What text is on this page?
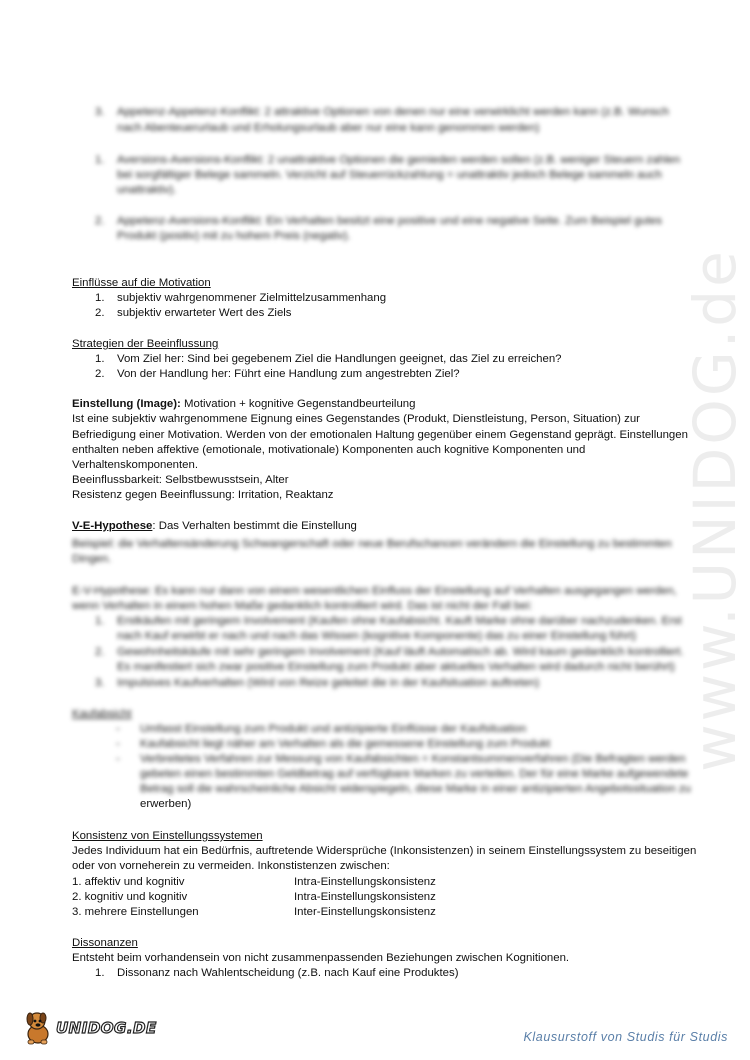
www.UNIDOG.de
3. Appetenz-Appetenz-Konflikt: 2 attraktive Optionen von denen nur eine verwirklicht werden kann (z.B. Wunsch
nach Abenteuerurlaub und Erholungsurlaub aber nur eine kann genommen werden)
1. Aversions-Aversions-Konflikt: 2 unattraktive Optionen die gemieden werden sollen (z.B. weniger Steuern zahlen
bei sorgfältiger Belege sammeln. Verzicht auf Steuerrückzahlung = unattraktiv jedoch Belege sammeln auch
unattraktiv).
2. Appetenz-Aversions-Konflikt: Ein Verhalten besitzt eine positive und eine negative Seite. Zum Beispiel gutes
Produkt (positiv) mit zu hohem Preis (negativ).
Einflüsse auf die Motivation
1. subjektiv wahrgenommener Zielmittelzusammenhang
2. subjektiv erwarteter Wert des Ziels
Strategien der Beeinflussung
1. Vom Ziel her: Sind bei gegebenem Ziel die Handlungen geeignet, das Ziel zu erreichen?
2. Von der Handlung her: Führt eine Handlung zum angestrebten Ziel?
Einstellung (Image): Motivation + kognitive Gegenstandbeurteilung
Ist eine subjektiv wahrgenommene Eignung eines Gegenstandes (Produkt, Dienstleistung, Person, Situation) zur
Befriedigung einer Motivation. Werden von der emotionalen Haltung gegenüber einem Gegenstand geprägt. Einstellungen
enthalten neben affektive (emotionale, motivationale) Komponenten auch kognitive Komponenten und
Verhaltenskomponenten.
Beeinflussbarkeit: Selbstbewusstsein, Alter
Resistenz gegen Beeinflussung: Irritation, Reaktanz
V-E-Hypothese: Das Verhalten bestimmt die Einstellung
Beispiel: die Verhaltensänderung Schwangerschaft oder neue Berufschancen verändern die Einstellung zu bestimmten
Dingen.
E-V-Hypothese: Es kann nur dann von einem wesentlichen Einfluss der Einstellung auf Verhalten ausgegangen werden,
wenn Verhalten in einem hohen Maße gedanklich kontrolliert wird. Das ist nicht der Fall bei:
1. Erstkäufen mit geringem Involvement (Kaufen ohne Kaufabsicht. Kauft Marke ohne darüber nachzudenken. Erst
nach Kauf erwirbt er nach und nach das Wissen (kognitive Komponente) das zu einer Einstellung führt)
2. Gewohnheitskäufe mit sehr geringem Involvement (Kauf läuft Automatisch ab. Wird kaum gedanklich kontrolliert.
Es manifestiert sich zwar positive Einstellung zum Produkt aber aktuelles Verhalten wird dadurch nicht berührt)
3. Impulsives Kaufverhalten (Wird von Reize geleitet die in der Kaufsituation auftreten)
Kaufabsicht
- Umfasst Einstellung zum Produkt und antizipierte Einflüsse der Kaufsituation
- Kaufabsicht liegt näher am Verhalten als die gemessene Einstellung zum Produkt
- Verbreitetes Verfahren zur Messung von Kaufabsichten = Konstantsummenverfahren (Die Befragten werden
gebeten einen bestimmten Geldbetrag auf verfügbare Marken zu verteilen. Der für eine Marke aufgewendete
Betrag soll die wahrscheinliche Absicht widerspiegeln, diese Marke in einer antizipierten Angebotssituation zu
erwerben)
Konsistenz von Einstellungssystemen
Jedes Individuum hat ein Bedürfnis, auftretende Widersprüche (Inkonsistenzen) in seinem Einstellungssystem zu beseitigen
oder von vorneherein zu vermeiden. Inkonstistenzen zwischen:
1. affektiv und kognitiv	Intra-Einstellungskonsistenz
2. kognitiv und kognitiv	Intra-Einstellungskonsistenz
3. mehrere Einstellungen	Inter-Einstellungskonsistenz
Dissonanzen
Entsteht beim vorhandensein von nicht zusammenpassenden Beziehungen zwischen Kognitionen.
1. Dissonanz nach Wahlentscheidung (z.B. nach Kauf eine Produktes)
UNIDOG.DE	Klausurstoff von Studis für Studis
